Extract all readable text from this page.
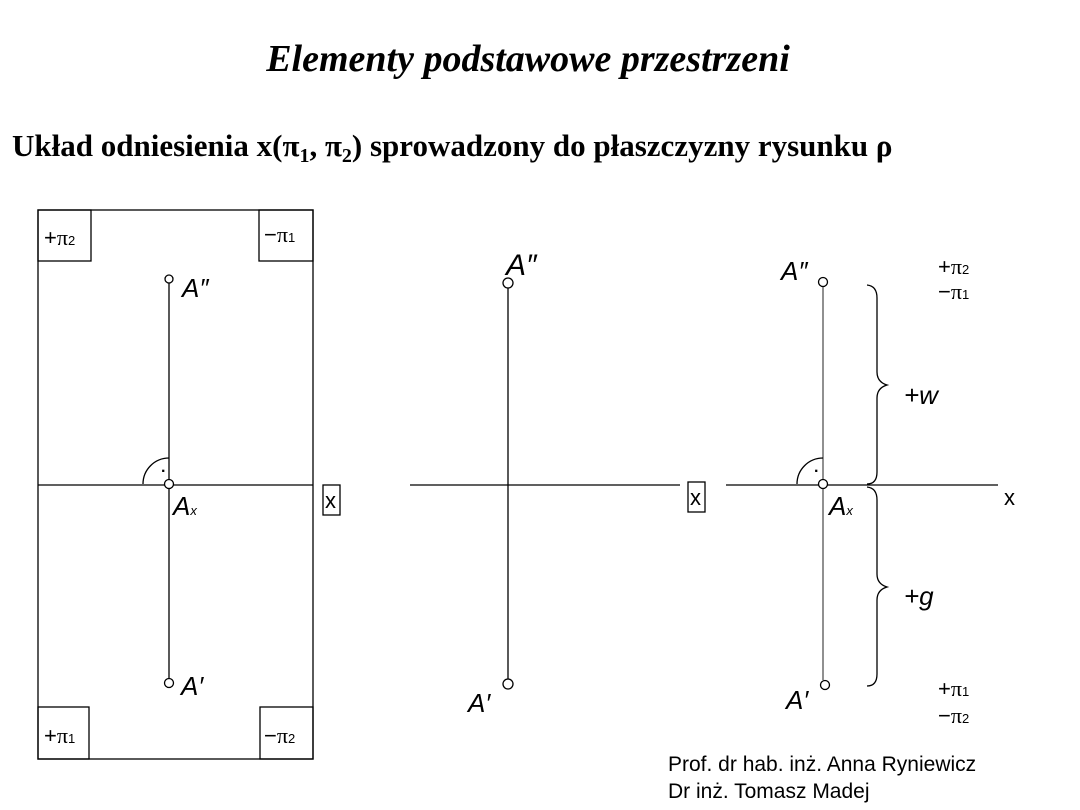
Elementy podstawowe przestrzeni

Układ odniesienia $x(\pi_1$, $\pi_2$) sprowadzony do płaszczyzny rysunku ρ

+π2	−π1
+π1	−π2
A″
A′
Ax
·
x
A″
A′
x
A″
A′
Ax
·
x
+w
+g
+π2
−π1
+π1
−π2
Prof. dr hab. inż. Anna Ryniewicz
Dr inż. Tomasz Madej
